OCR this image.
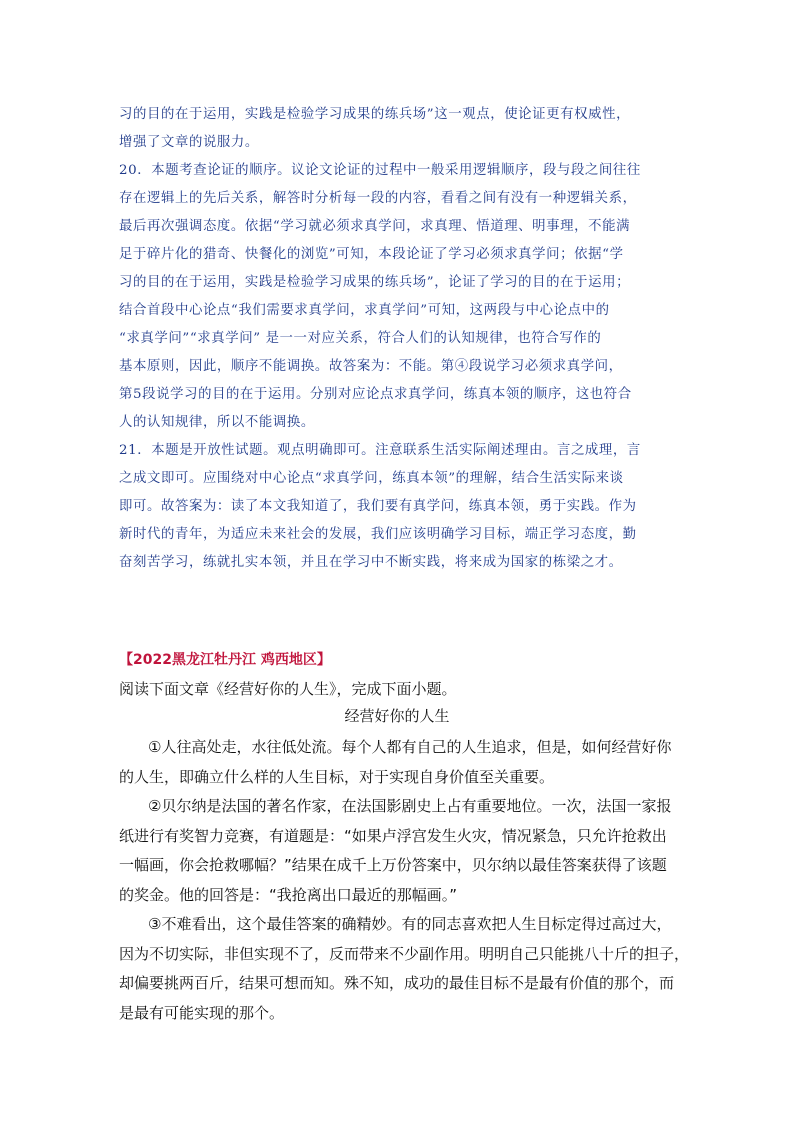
习的目的在于运用，实践是检验学习成果的练兵场”这一观点，使论证更有权威性，
增强了文章的说服力。
20．本题考查论证的顺序。议论文论证的过程中一般采用逻辑顺序，段与段之间往往
存在逻辑上的先后关系，解答时分析每一段的内容，看看之间有没有一种逻辑关系，
最后再次强调态度。依据“学习就必须求真学问，求真理、悟道理、明事理，不能满
足于碎片化的猎奇、快餐化的浏览”可知，本段论证了学习必须求真学问；依据“学
习的目的在于运用，实践是检验学习成果的练兵场”，论证了学习的目的在于运用；
结合首段中心论点“我们需要求真学问，求真学问”可知，这两段与中心论点中的
“求真学问”“求真学问” 是一一对应关系，符合人们的认知规律，也符合写作的
基本原则，因此，顺序不能调换。故答案为：不能。第④段说学习必须求真学问，
第5段说学习的目的在于运用。分别对应论点求真学问，练真本领的顺序，这也符合
人的认知规律，所以不能调换。
21．本题是开放性试题。观点明确即可。注意联系生活实际阐述理由。言之成理，言
之成文即可。应围绕对中心论点“求真学问，练真本领”的理解，结合生活实际来谈
即可。故答案为：读了本文我知道了，我们要有真学问，练真本领，勇于实践。作为
新时代的青年，为适应未来社会的发展，我们应该明确学习目标，端正学习态度，勤
奋刻苦学习，练就扎实本领，并且在学习中不断实践，将来成为国家的栋梁之才。
【2022黑龙江牡丹江 鸡西地区】
阅读下面文章《经营好你的人生》，完成下面小题。
经营好你的人生
①人往高处走，水往低处流。每个人都有自己的人生追求，但是，如何经营好你
的人生，即确立什么样的人生目标，对于实现自身价值至关重要。
②贝尔纳是法国的著名作家，在法国影剧史上占有重要地位。一次，法国一家报
纸进行有奖智力竞赛，有道题是：“如果卢浮宫发生火灾，情况紧急，只允许抢救出
一幅画，你会抢救哪幅？”结果在成千上万份答案中，贝尔纳以最佳答案获得了该题
的奖金。他的回答是：“我抢离出口最近的那幅画。”
③不难看出，这个最佳答案的确精妙。有的同志喜欢把人生目标定得过高过大，
因为不切实际，非但实现不了，反而带来不少副作用。明明自己只能挑八十斤的担子，
却偏要挑两百斤，结果可想而知。殊不知，成功的最佳目标不是最有价值的那个，而
是最有可能实现的那个。
